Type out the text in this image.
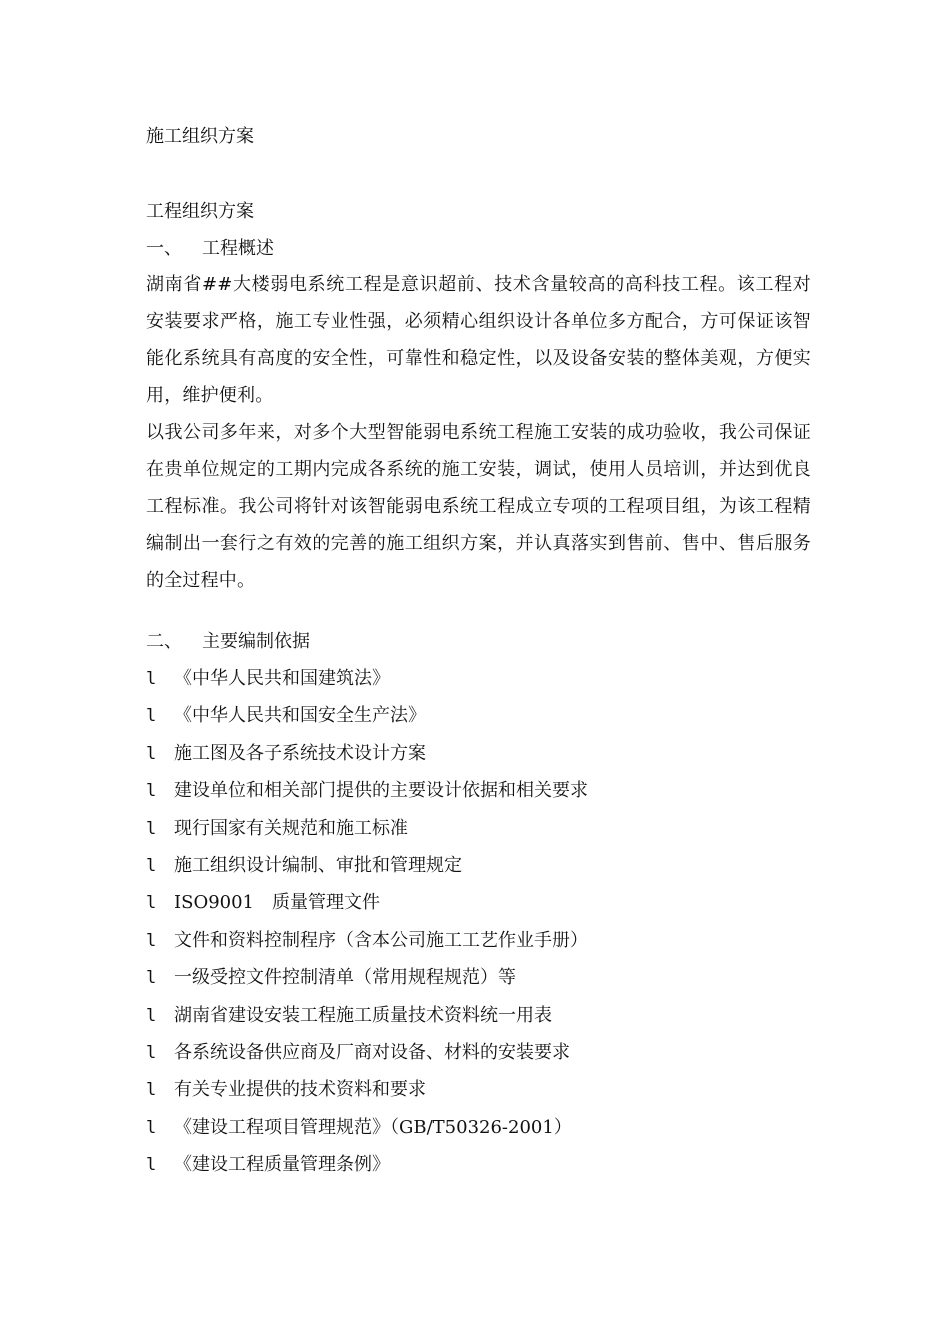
施工组织方案
工程组织方案
一、 工程概述

湖南省##大楼弱电系统工程是意识超前、技术含量较高的高科技工程。该工程对安装要求严格，施工专业性强，必须精心组织设计各单位多方配合，方可保证该智能化系统具有高度的安全性，可靠性和稳定性，以及设备安装的整体美观，方便实用，维护便利。

以我公司多年来，对多个大型智能弱电系统工程施工安装的成功验收，我公司保证在贵单位规定的工期内完成各系统的施工安装，调试，使用人员培训，并达到优良工程标准。我公司将针对该智能弱电系统工程成立专项的工程项目组，为该工程精编制出一套行之有效的完善的施工组织方案，并认真落实到售前、售中、售后服务的全过程中。

二、 主要编制依据
l 《中华人民共和国建筑法》
l 《中华人民共和国安全生产法》
l 施工图及各子系统技术设计方案
l 建设单位和相关部门提供的主要设计依据和相关要求
l 现行国家有关规范和施工标准
l 施工组织设计编制、审批和管理规定
l ISO9001　质量管理文件
l 文件和资料控制程序（含本公司施工工艺作业手册）
l 一级受控文件控制清单（常用规程规范）等
l 湖南省建设安装工程施工质量技术资料统一用表
l 各系统设备供应商及厂商对设备、材料的安装要求
l 有关专业提供的技术资料和要求
l 《建设工程项目管理规范》（GB/T50326-2001）
l 《建设工程质量管理条例》
